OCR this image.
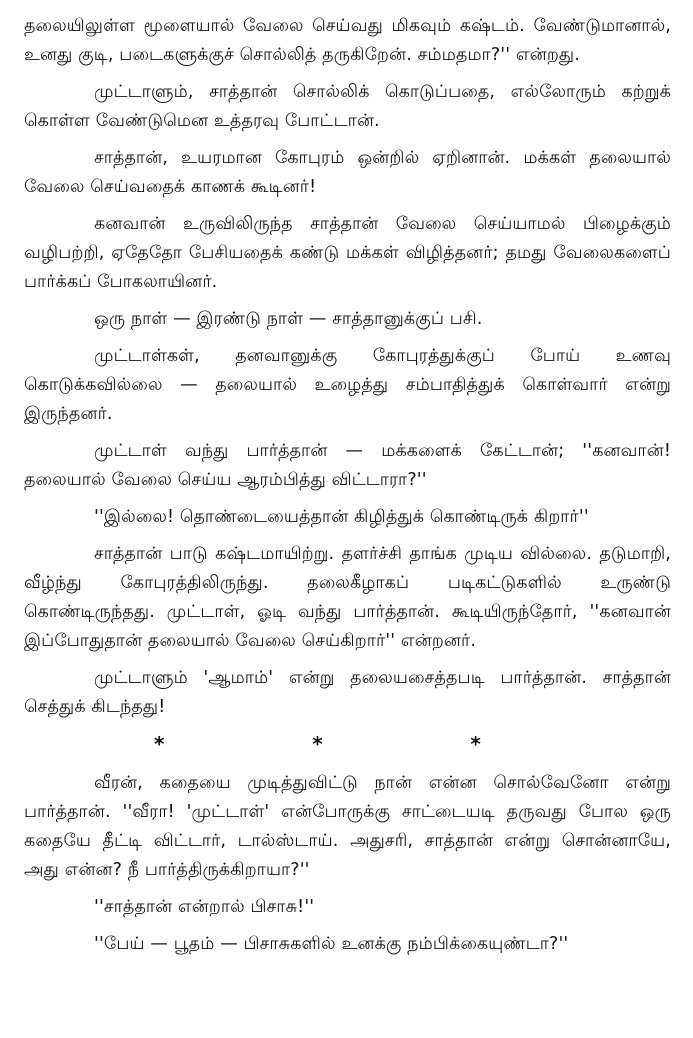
தலையிலுள்ள மூளையால் வேலை செய்வது மிகவும் கஷ்டம். வேண்டுமானால், உனது குடி, படைகளுக்குச் சொல்லித் தருகிறேன். சம்மதமா?'' என்றது.

முட்டாளும், சாத்தான் சொல்லிக் கொடுப்பதை, எல்லோரும் கற்றுக் கொள்ள வேண்டுமென உத்தரவு போட்டான்.

சாத்தான், உயரமான கோபுரம் ஒன்றில் ஏறினான். மக்கள் தலையால் வேலை செய்வதைக் காணக் கூடினர்!

கனவான் உருவிலிருந்த சாத்தான் வேலை செய்யாமல் பிழைக்கும் வழிபற்றி, ஏதேதோ பேசியதைக் கண்டு மக்கள் விழித்தனர்; தமது வேலைகளைப் பார்க்கப் போகலாயினர்.

ஒரு நாள் — இரண்டு நாள் — சாத்தானுக்குப் பசி.

முட்டாள்கள், தனவானுக்கு கோபுரத்துக்குப் போய் உணவு கொடுக்கவில்லை — தலையால் உழைத்து சம்பாதித்துக் கொள்வார் என்று இருந்தனர்.

முட்டாள் வந்து பார்த்தான் — மக்களைக் கேட்டான்; ''கனவான்! தலையால் வேலை செய்ய ஆரம்பித்து விட்டாரா?''

''இல்லை! தொண்டையைத்தான் கிழித்துக் கொண்டிருக் கிறார்''

சாத்தான் பாடு கஷ்டமாயிற்று. தளர்ச்சி தாங்க முடிய வில்லை. தடுமாறி, வீழ்ந்து கோபுரத்திலிருந்து. தலைகீழாகப் படிகட்டுகளில் உருண்டு கொண்டிருந்தது. முட்டாள், ஓடி வந்து பார்த்தான். கூடியிருந்தோர், ''கனவான் இப்போதுதான் தலையால் வேலை செய்கிறார்'' என்றனர்.

முட்டாளும் 'ஆமாம்' என்று தலையசைத்தபடி பார்த்தான். சாத்தான் செத்துக் கிடந்தது!

*	*	*

வீரன், கதையை முடித்துவிட்டு நான் என்ன சொல்வேனோ என்று பார்த்தான். ''வீரா! 'முட்டாள்' என்போருக்கு சாட்டையடி தருவது போல ஒரு கதையே தீட்டி விட்டார், டால்ஸ்டாய். அதுசரி, சாத்தான் என்று சொன்னாயே, அது என்ன? நீ பார்த்திருக்கிறாயா?''

''சாத்தான் என்றால் பிசாசு!''

''பேய் — பூதம் — பிசாசுகளில் உனக்கு நம்பிக்கையுண்டா?''
